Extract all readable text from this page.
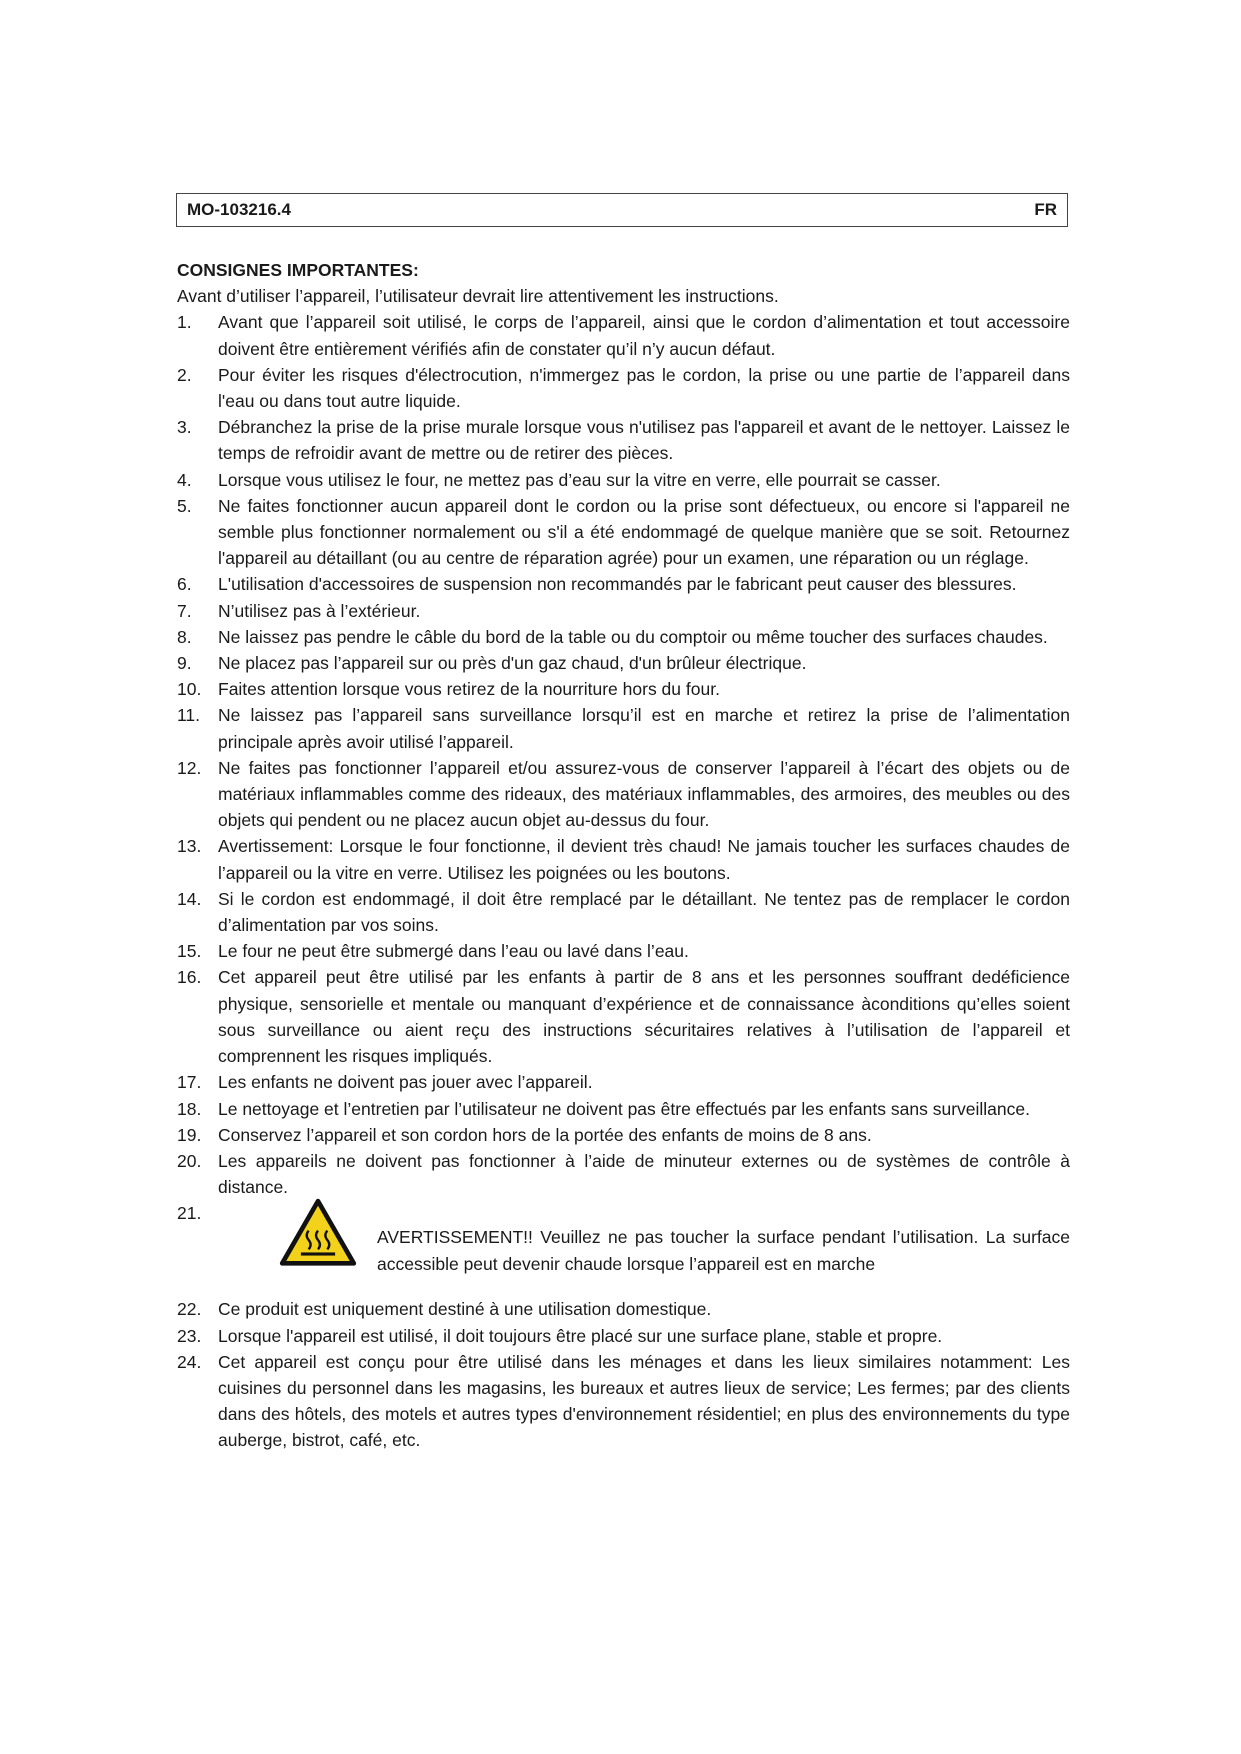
MO-103216.4	FR
CONSIGNES IMPORTANTES:
Avant d’utiliser l’appareil, l’utilisateur devrait lire attentivement les instructions.
1. Avant que l’appareil soit utilisé, le corps de l’appareil, ainsi que le cordon d’alimentation et tout accessoire doivent être entièrement vérifiés afin de constater qu’il n’y aucun défaut.
2. Pour éviter les risques d'électrocution, n'immergez pas le cordon, la prise ou une partie de l’appareil dans l'eau ou dans tout autre liquide.
3. Débranchez la prise de la prise murale lorsque vous n'utilisez pas l'appareil et avant de le nettoyer. Laissez le temps de refroidir avant de mettre ou de retirer des pièces.
4. Lorsque vous utilisez le four, ne mettez pas d’eau sur la vitre en verre, elle pourrait se casser.
5. Ne faites fonctionner aucun appareil dont le cordon ou la prise sont défectueux, ou encore si l'appareil ne semble plus fonctionner normalement ou s'il a été endommagé de quelque manière que se soit. Retournez l'appareil au détaillant (ou au centre de réparation agrée) pour un examen, une réparation ou un réglage.
6. L'utilisation d'accessoires de suspension non recommandés par le fabricant peut causer des blessures.
7. N’utilisez pas à l’extérieur.
8. Ne laissez pas pendre le câble du bord de la table ou du comptoir ou même toucher des surfaces chaudes.
9. Ne placez pas l’appareil sur ou près d'un gaz chaud, d'un brûleur électrique.
10. Faites attention lorsque vous retirez de la nourriture hors du four.
11. Ne laissez pas l’appareil sans surveillance lorsqu’il est en marche et retirez la prise de l’alimentation principale après avoir utilisé l’appareil.
12. Ne faites pas fonctionner l’appareil et/ou assurez-vous de conserver l’appareil à l’écart des objets ou de matériaux inflammables comme des rideaux, des matériaux inflammables, des armoires, des meubles ou des objets qui pendent ou ne placez aucun objet au-dessus du four.
13. Avertissement: Lorsque le four fonctionne, il devient très chaud! Ne jamais toucher les surfaces chaudes de l’appareil ou la vitre en verre. Utilisez les poignées ou les boutons.
14. Si le cordon est endommagé, il doit être remplacé par le détaillant. Ne tentez pas de remplacer le cordon d’alimentation par vos soins.
15. Le four ne peut être submergé dans l’eau ou lavé dans l’eau.
16. Cet appareil peut être utilisé par les enfants à partir de 8 ans et les personnes souffrant dedéficience physique, sensorielle et mentale ou manquant d’expérience et de connaissance àconditions qu’elles soient sous surveillance ou aient reçu des instructions sécuritaires relatives à l’utilisation de l’appareil et comprennent les risques impliqués.
17. Les enfants ne doivent pas jouer avec l’appareil.
18. Le nettoyage et l’entretien par l’utilisateur ne doivent pas être effectués par les enfants sans surveillance.
19. Conservez l’appareil et son cordon hors de la portée des enfants de moins de 8 ans.
20. Les appareils ne doivent pas fonctionner à l’aide de minuteur externes ou de systèmes de contrôle à distance.
21.
AVERTISSEMENT!! Veuillez ne pas toucher la surface pendant l’utilisation. La surface accessible peut devenir chaude lorsque l’appareil est en marche
22. Ce produit est uniquement destiné à une utilisation domestique.
23. Lorsque l'appareil est utilisé, il doit toujours être placé sur une surface plane, stable et propre.
24. Cet appareil est conçu pour être utilisé dans les ménages et dans les lieux similaires notamment: Les cuisines du personnel dans les magasins, les bureaux et autres lieux de service; Les fermes; par des clients dans des hôtels, des motels et autres types d'environnement résidentiel; en plus des environnements du type auberge, bistrot, café, etc.
